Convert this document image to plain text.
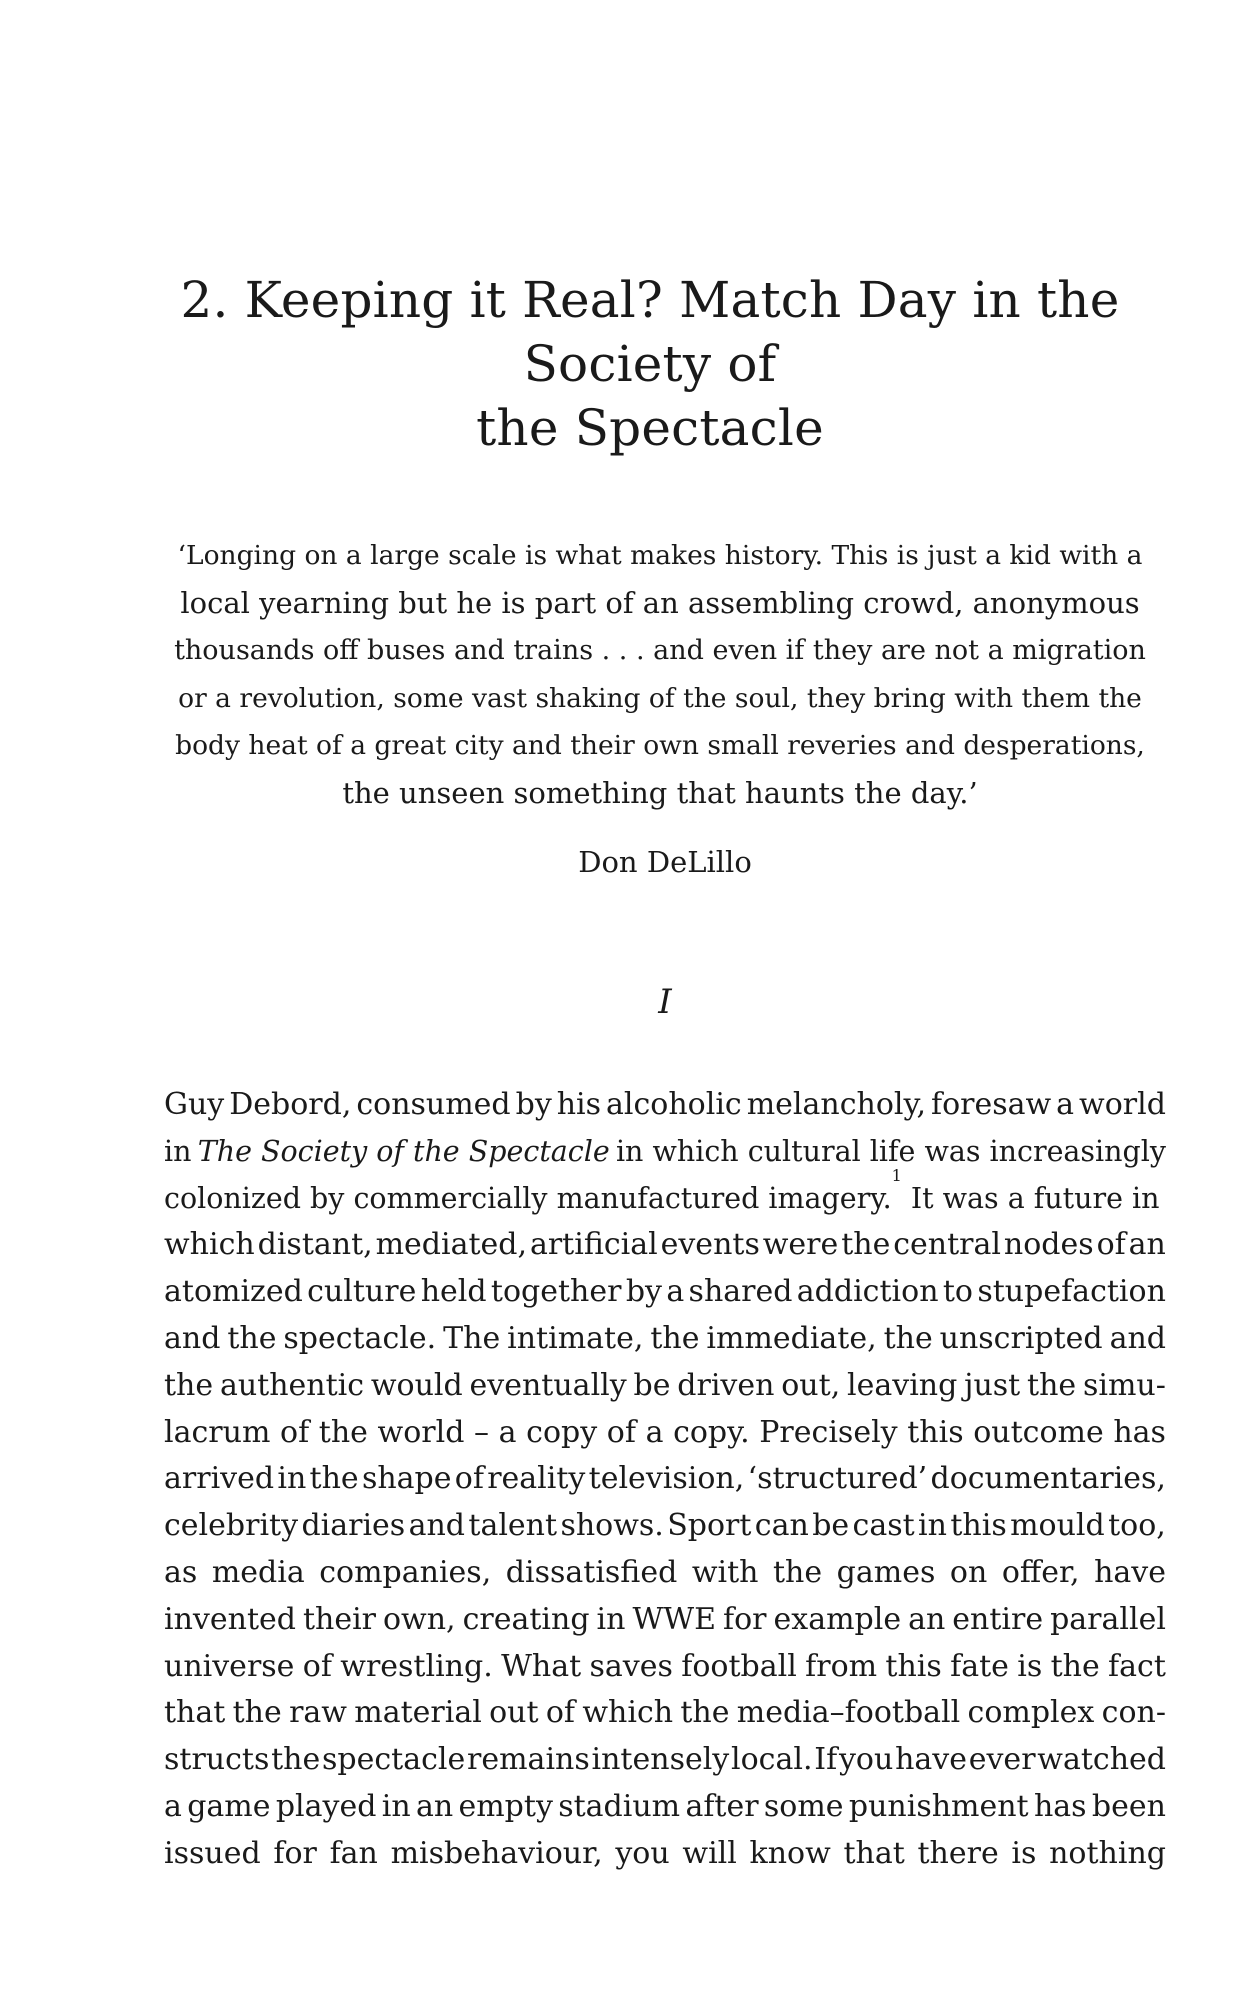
2. Keeping it Real? Match Day in the Society of
the Spectacle
‘Longing on a large scale is what makes history. This is just a kid with a
local yearning but he is part of an assembling crowd, anonymous
thousands off buses and trains . . . and even if they are not a migration
or a revolution, some vast shaking of the soul, they bring with them the
body heat of a great city and their own small reveries and desperations,
the unseen something that haunts the day.’
Don DeLillo
I
Guy Debord, consumed by his alcoholic melancholy, foresaw a world
in The Society of the Spectacle in which cultural life was increasingly
colonized by commercially manufactured imagery.
1
It was a future in
which distant, mediated, artificial events were the central nodes of an
atomized culture held together by a shared addiction to stupefaction
and the spectacle. The intimate, the immediate, the unscripted and
the authentic would eventually be driven out, leaving just the simu-
lacrum of the world – a copy of a copy. Precisely this outcome has
arrived in the shape of reality television, ‘structured’ documentaries,
celebrity diaries and talent shows. Sport can be cast in this mould too,
as media companies, dissatisfied with the games on offer, have
invented their own, creating in WWE for example an entire parallel
universe of wrestling. What saves football from this fate is the fact
that the raw material out of which the media–football complex con-
structs the spectacle remains intensely local. If you have ever watched
a game played in an empty stadium after some punishment has been
issued for fan misbehaviour, you will know that there is nothing
